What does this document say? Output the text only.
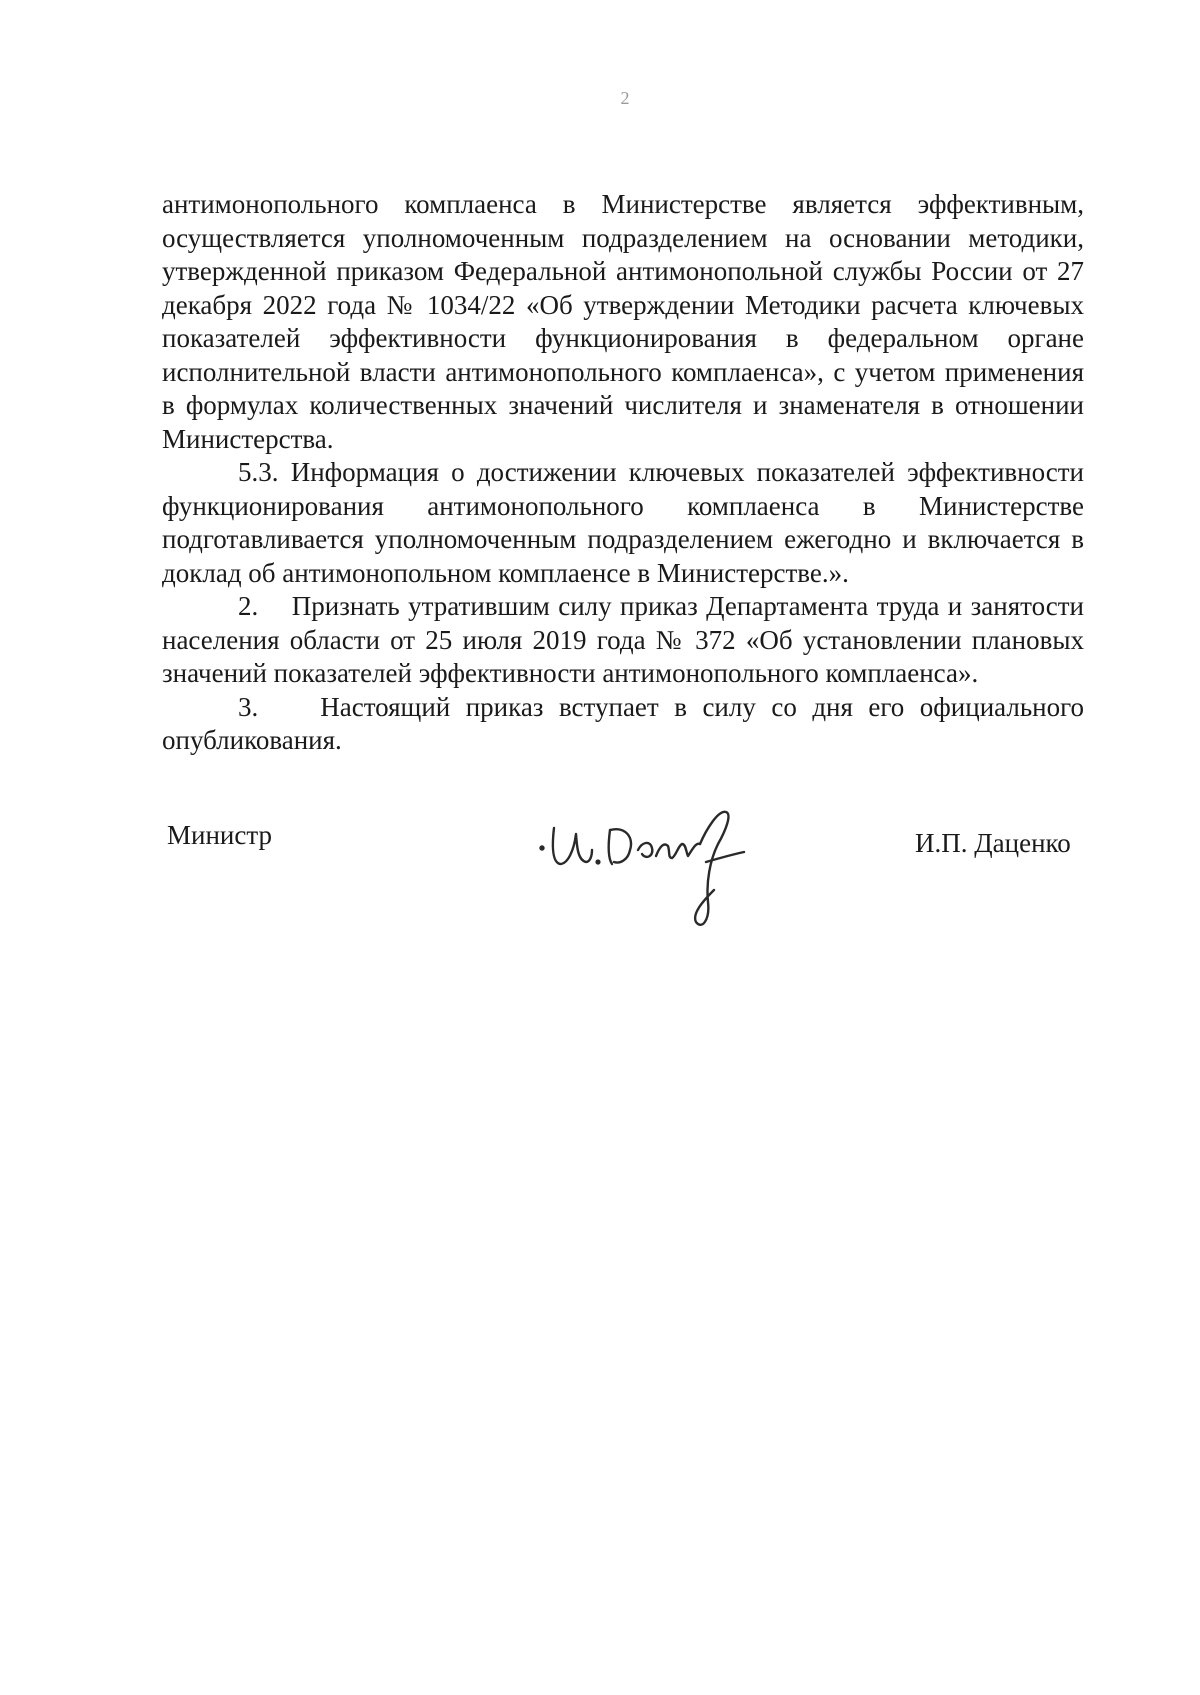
2

антимонопольного комплаенса в Министерстве является эффективным, осуществляется уполномоченным подразделением на основании методики, утвержденной приказом Федеральной антимонопольной службы России от 27 декабря 2022 года № 1034/22 «Об утверждении Методики расчета ключевых показателей эффективности функционирования в федеральном органе исполнительной власти антимонопольного комплаенса», с учетом применения в формулах количественных значений числителя и знаменателя в отношении Министерства.

5.3. Информация о достижении ключевых показателей эффективности функционирования антимонопольного комплаенса в Министерстве подготавливается уполномоченным подразделением ежегодно и включается в доклад об антимонопольном комплаенсе в Министерстве.».

2.    Признать утратившим силу приказ Департамента труда и занятости населения области от 25 июля 2019 года № 372 «Об установлении плановых значений показателей эффективности антимонопольного комплаенса».

3.    Настоящий приказ вступает в силу со дня его официального опубликования.

Министр	И.П. Даценко
